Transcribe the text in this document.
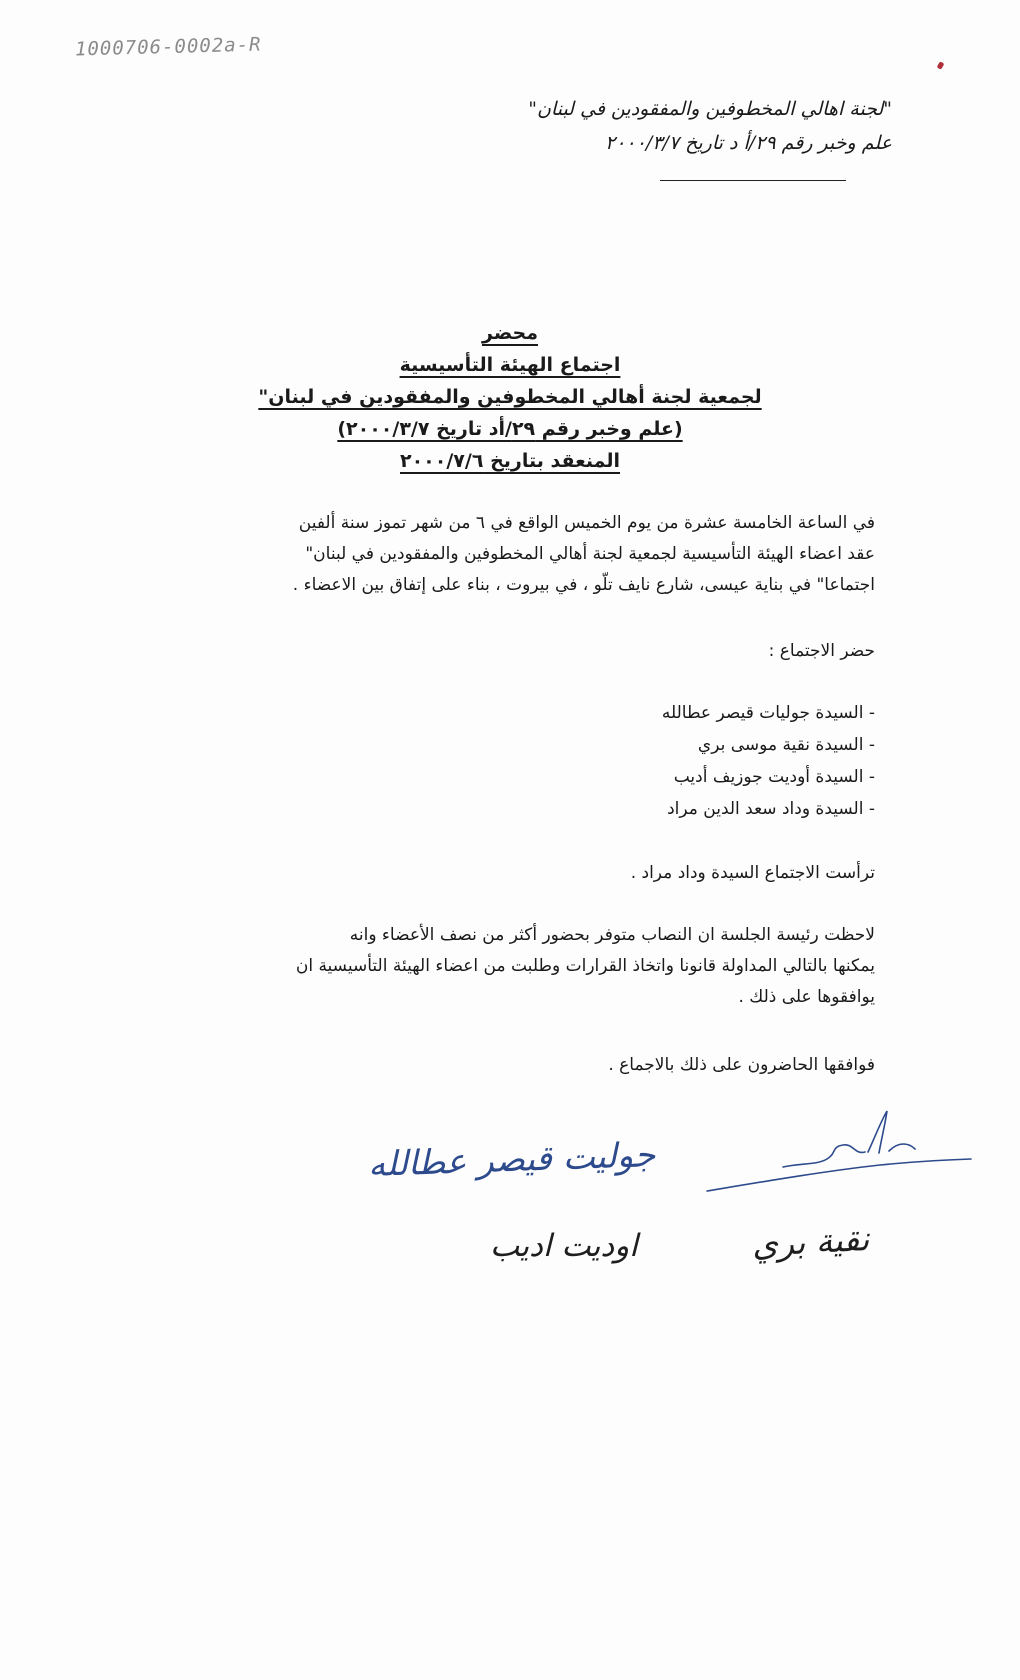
1000706-0002a-R
"لجنة اهالي المخطوفين والمفقودين في لبنان"
علم وخبر رقم ٢٩/أ د تاريخ ٢٠٠٠/٣/٧
محضر
اجتماع الهيئة التأسيسية
لجمعية لجنة أهالي المخطوفين والمفقودين في لبنان"
(علم وخبر رقم ٢٩/أد تاريخ ٢٠٠٠/٣/٧)
المنعقد بتاريخ ٢٠٠٠/٧/٦
في الساعة الخامسة عشرة من يوم الخميس الواقع في ٦ من شهر تموز سنة ألفين
عقد اعضاء الهيئة التأسيسية لجمعية لجنة أهالي المخطوفين والمفقودين في لبنان"
اجتماعا" في بناية عيسى، شارع نايف تلّو ، في بيروت ، بناء على إتفاق بين الاعضاء .
حضر الاجتماع :
- السيدة جوليات قيصر عطالله
- السيدة نقية موسى بري
- السيدة أوديت جوزيف أديب
- السيدة وداد سعد الدين مراد
ترأست الاجتماع السيدة وداد مراد .
لاحظت رئيسة الجلسة ان النصاب متوفر بحضور أكثر من نصف الأعضاء وانه
يمكنها بالتالي المداولة قانونا واتخاذ القرارات وطلبت من اعضاء الهيئة التأسيسية ان
يوافقوها على ذلك .
فوافقها الحاضرون على ذلك بالاجماع .
جوليت قيصر عطالله
اوديت اديب	نقية بري
